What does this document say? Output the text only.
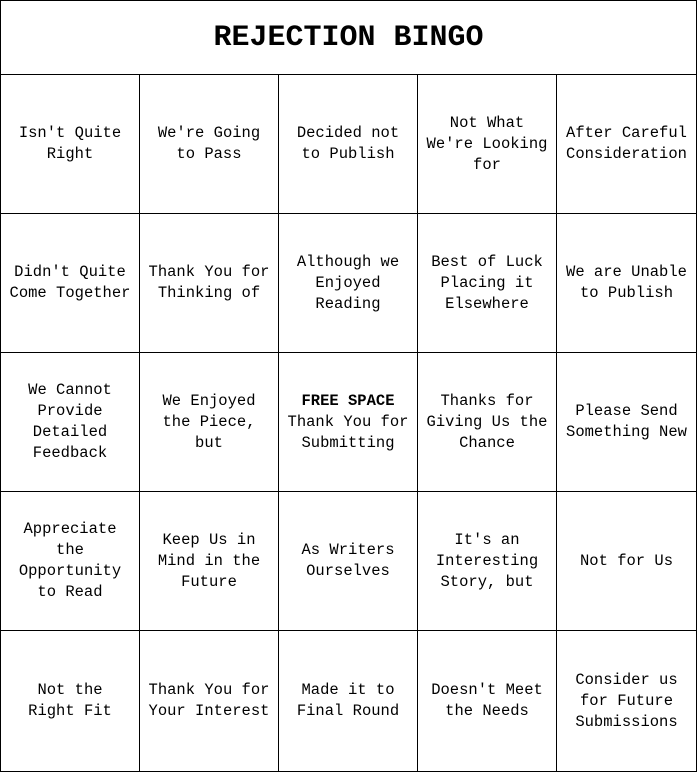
REJECTION BINGO
Isn't Quite
Right
We're Going
to Pass
Decided not
to Publish
Not What
We're Looking
for
After Careful
Consideration
Didn't Quite
Come Together
Thank You for
Thinking of
Although we
Enjoyed
Reading
Best of Luck
Placing it
Elsewhere
We are Unable
to Publish
We Cannot
Provide
Detailed
Feedback
We Enjoyed
the Piece,
but
FREE SPACE
Thank You for
Submitting
Thanks for
Giving Us the
Chance
Please Send
Something New
Appreciate
the
Opportunity
to Read
Keep Us in
Mind in the
Future
As Writers
Ourselves
It's an
Interesting
Story, but
Not for Us
Not the
Right Fit
Thank You for
Your Interest
Made it to
Final Round
Doesn't Meet
the Needs
Consider us
for Future
Submissions
